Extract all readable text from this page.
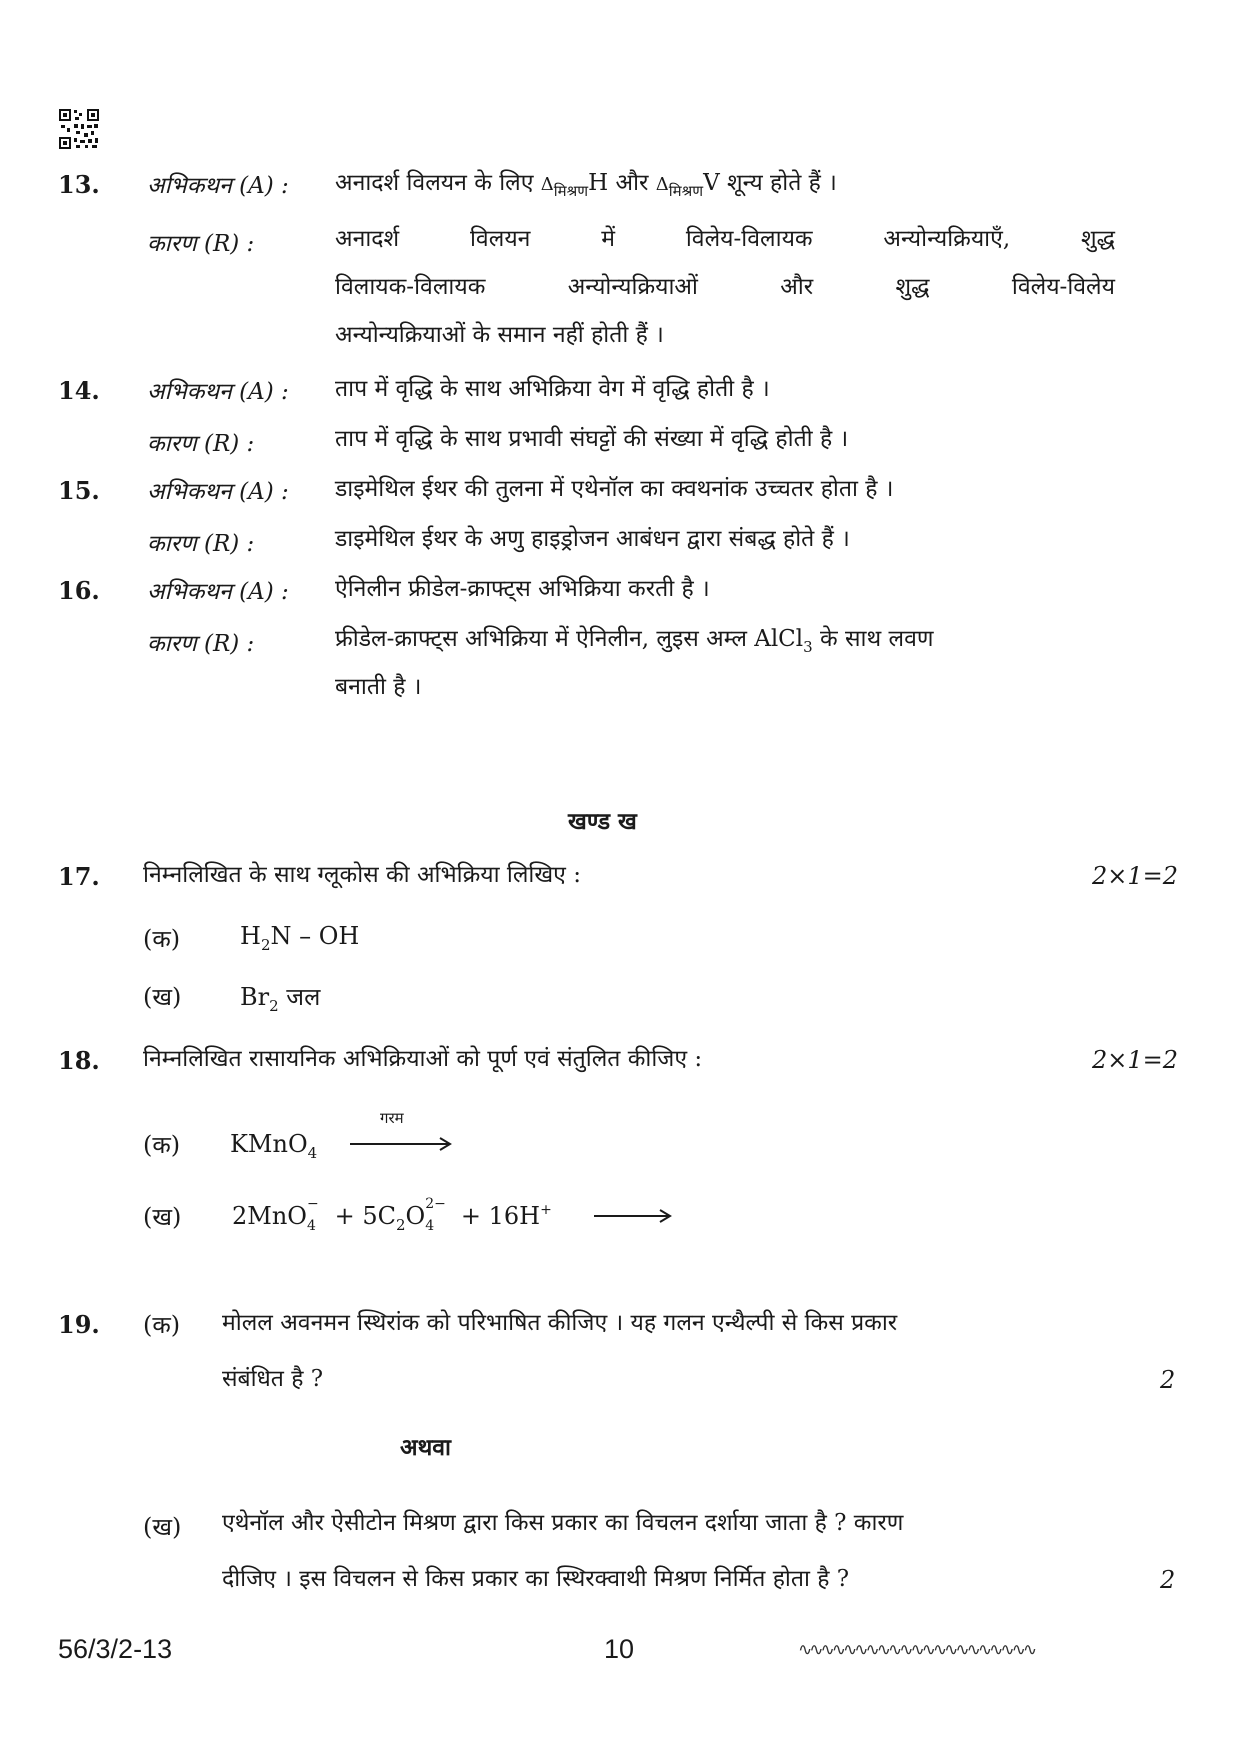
13. अभिकथन (A) : अनादर्श विलयन के लिए $\Delta_{मिश्रण}H$ और $\Delta_{मिश्रण}V$ शून्य होते हैं ।
कारण (R) :	अनादर्श विलयन में विलेय-विलायक अन्योन्यक्रियाएँ, शुद्ध
विलायक-विलायक अन्योन्यक्रियाओं और शुद्ध विलेय-विलेय
अन्योन्यक्रियाओं के समान नहीं होती हैं ।
14. अभिकथन (A) : ताप में वृद्धि के साथ अभिक्रिया वेग में वृद्धि होती है ।
कारण (R) :	ताप में वृद्धि के साथ प्रभावी संघट्टों की संख्या में वृद्धि होती है ।
15. अभिकथन (A) : डाइमेथिल ईथर की तुलना में एथेनॉल का क्वथनांक उच्चतर होता है ।
कारण (R) :	डाइमेथिल ईथर के अणु हाइड्रोजन आबंधन द्वारा संबद्ध होते हैं ।
16. अभिकथन (A) : ऐनिलीन फ्रीडेल-क्राफ्ट्स अभिक्रिया करती है ।
कारण (R) :	फ्रीडेल-क्राफ्ट्स अभिक्रिया में ऐनिलीन, लुइस अम्ल AlCl$_3$ के साथ लवण
बनाती है ।
खण्ड ख
17. निम्नलिखित के साथ ग्लूकोस की अभिक्रिया लिखिए :	2×1=2
(क) $H_2N$ – OH
(ख) $Br_2$ जल
18. निम्नलिखित रासायनिक अभिक्रियाओं को पूर्ण एवं संतुलित कीजिए :	2×1=2
(क) KMnO$_4$
गरम
(ख) 2MnO −
$4 + 5C_2O$ 2−
4 + 16H+
19. (क) मोलल अवनमन स्थिरांक को परिभाषित कीजिए । यह गलन एन्थैल्पी से किस प्रकार
संबंधित है ?	2
अथवा
(ख) एथेनॉल और ऐसीटोन मिश्रण द्वारा किस प्रकार का विचलन दर्शाया जाता है ? कारण
दीजिए । इस विचलन से किस प्रकार का स्थिरक्वाथी मिश्रण निर्मित होता है ?	2
56/3/2-13	10	∿∿∿∿∿∿∿∿∿∿∿∿∿∿∿∿∿∿∿∿∿
